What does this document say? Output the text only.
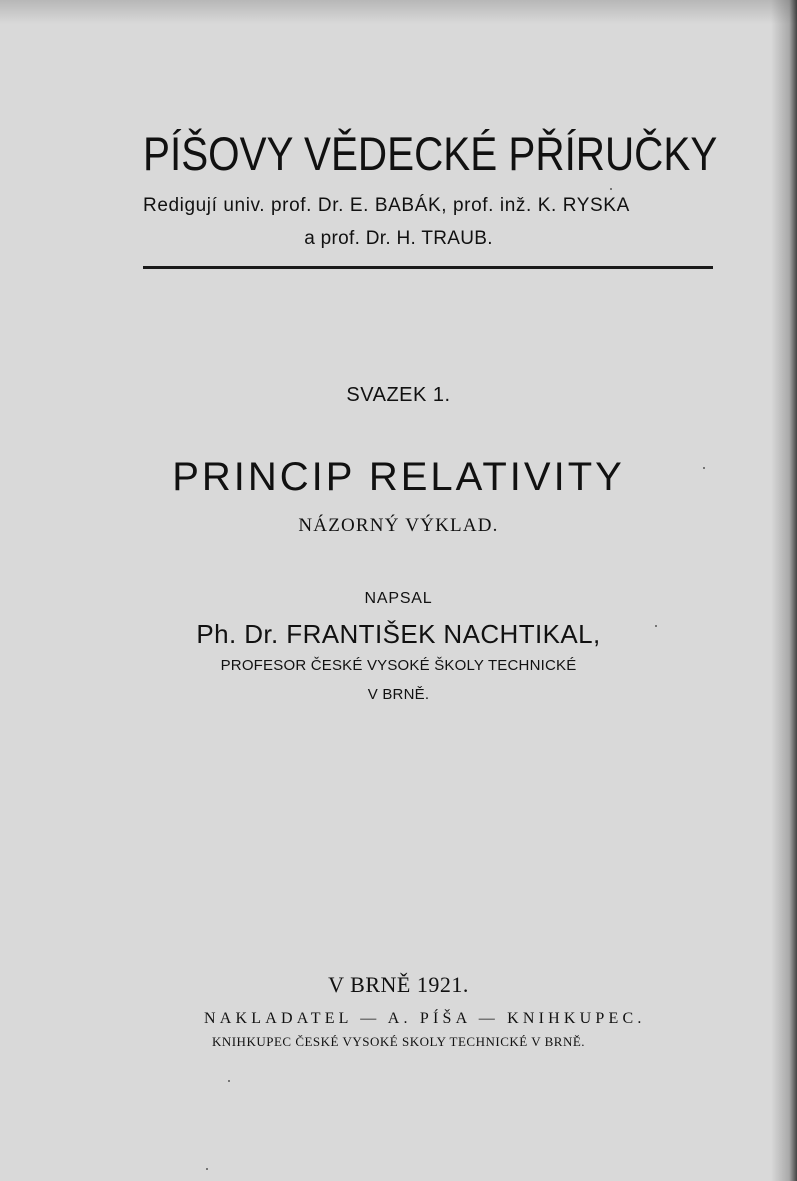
PÍŠOVY VĚDECKÉ PŘÍRUČKY
Redigují univ. prof. Dr. E. BABÁK, prof. inž. K. RYSKA
a prof. Dr. H. TRAUB.
SVAZEK 1.
PRINCIP RELATIVITY
NÁZORNÝ VÝKLAD.
NAPSAL
Ph. Dr. FRANTIŠEK NACHTIKAL,
PROFESOR ČESKÉ VYSOKÉ ŠKOLY TECHNICKÉ
V BRNĚ.
V BRNĚ 1921.
NAKLADATEL — A. PÍŠA — KNIHKUPEC.
KNIHKUPEC ČESKÉ VYSOKÉ SKOLY TECHNICKÉ V BRNĚ.
